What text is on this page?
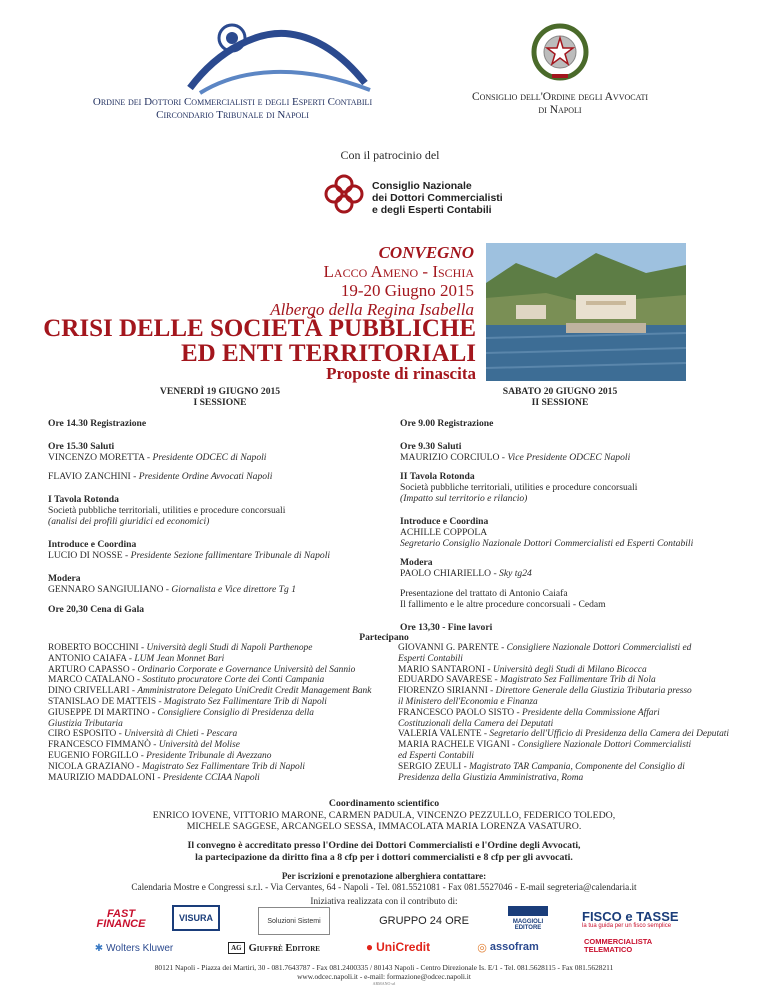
Ordine dei Dottori Commercialisti e degli Esperti Contabili
Circondario Tribunale di Napoli
Consiglio dell'Ordine degli Avvocati
di Napoli
Con il patrocinio del
Consiglio Nazionale
dei Dottori Commercialisti
e degli Esperti Contabili
CONVEGNO
Lacco Ameno - Ischia
19-20 Giugno 2015
Albergo della Regina Isabella
CRISI DELLE SOCIETÀ PUBBLICHE
ED ENTI TERRITORIALI
Proposte di rinascita
VENERDÌ 19 GIUGNO 2015
I SESSIONE
SABATO 20 GIUGNO 2015
II SESSIONE
Ore 14.30 Registrazione
Ore 15.30 Saluti
VINCENZO MORETTA - Presidente ODCEC di Napoli
FLAVIO ZANCHINI - Presidente Ordine Avvocati Napoli
I Tavola Rotonda
Società pubbliche territoriali, utilities e procedure concorsuali
(analisi dei profili giuridici ed economici)
Introduce e Coordina
LUCIO DI NOSSE - Presidente Sezione fallimentare Tribunale di Napoli
Modera
GENNARO SANGIULIANO - Giornalista e Vice direttore Tg 1
Ore 20,30 Cena di Gala
Ore 9.00 Registrazione
Ore 9.30 Saluti
MAURIZIO CORCIULO - Vice Presidente ODCEC Napoli
II Tavola Rotonda
Società pubbliche territoriali, utilities e procedure concorsuali
(Impatto sul territorio e rilancio)
Introduce e Coordina
ACHILLE COPPOLA
Segretario Consiglio Nazionale Dottori Commercialisti ed Esperti Contabili
Modera
PAOLO CHIARIELLO - Sky tg24
Presentazione del trattato di Antonio Caiafa
Il fallimento e le altre procedure concorsuali - Cedam
Ore 13,30 - Fine lavori
Partecipano
ROBERTO BOCCHINI - Università degli Studi di Napoli Parthenope
ANTONIO CAIAFA - LUM Jean Monnet Bari
ARTURO CAPASSO - Ordinario Corporate e Governance Università del Sannio
MARCO CATALANO - Sostituto procuratore Corte dei Conti Campania
DINO CRIVELLARI - Amministratore Delegato UniCredit Credit Management Bank
STANISLAO DE MATTEIS - Magistrato Sez Fallimentare Trib di Napoli
GIUSEPPE DI MARTINO - Consigliere Consiglio di Presidenza della
Giustizia Tributaria
CIRO ESPOSITO - Università di Chieti - Pescara
FRANCESCO FIMMANÒ - Università del Molise
EUGENIO FORGILLO - Presidente Tribunale di Avezzano
NICOLA GRAZIANO - Magistrato Sez Fallimentare Trib di Napoli
MAURIZIO MADDALONI - Presidente CCIAA Napoli
GIOVANNI G. PARENTE - Consigliere Nazionale Dottori Commercialisti ed
Esperti Contabili
MARIO SANTARONI - Università degli Studi di Milano Bicocca
EDUARDO SAVARESE - Magistrato Sez Fallimentare Trib di Nola
FIORENZO SIRIANNI - Direttore Generale della Giustizia Tributaria presso
il Ministero dell'Economia e Finanza
FRANCESCO PAOLO SISTO - Presidente della Commissione Affari
Costituzionali della Camera dei Deputati
VALERIA VALENTE - Segretario dell'Ufficio di Presidenza della Camera dei Deputati
MARIA RACHELE VIGANI - Consigliere Nazionale Dottori Commercialisti
ed Esperti Contabili
SERGIO ZEULI - Magistrato TAR Campania, Componente del Consiglio di
Presidenza della Giustizia Amministrativa, Roma
Coordinamento scientifico
ENRICO IOVENE, VITTORIO MARONE, CARMEN PADULA, VINCENZO PEZZULLO, FEDERICO TOLEDO,
MICHELE SAGGESE, ARCANGELO SESSA, IMMACOLATA MARIA LORENZA VASATURO.
Il convegno è accreditato presso l'Ordine dei Dottori Commercialisti e l'Ordine degli Avvocati,
la partecipazione da diritto fina a 8 cfp per i dottori commercialisti e 8 cfp per gli avvocati.
Per iscrizioni e prenotazione alberghiera contattare:
Calendaria Mostre e Congressi s.r.l. - Via Cervantes, 64 - Napoli - Tel. 081.5521081 - Fax 081.5527046 - E-mail segreteria@calendaria.it
Iniziativa realizzata con il contributo di:
FAST FINANCE	VISURA	Soluzioni Sistemi	GRUPPO 24 ORE	MAGGIOLI EDITORE
FISCO e TASSE
la tua guida per un fisco semplice
✱ Wolters Kluwer	AG Giuffrè Editore	● UniCredit	◎ assofram	COMMERCIALISTA TELEMATICO
80121 Napoli - Piazza dei Martiri, 30 - 081.7643787 - Fax 081.2400335 / 80143 Napoli - Centro Direzionale Is. E/1 - Tel. 081.5628115 - Fax 081.5628211
www.odcec.napoli.it - e-mail: formazione@odcec.napoli.it
ARMANO srl
